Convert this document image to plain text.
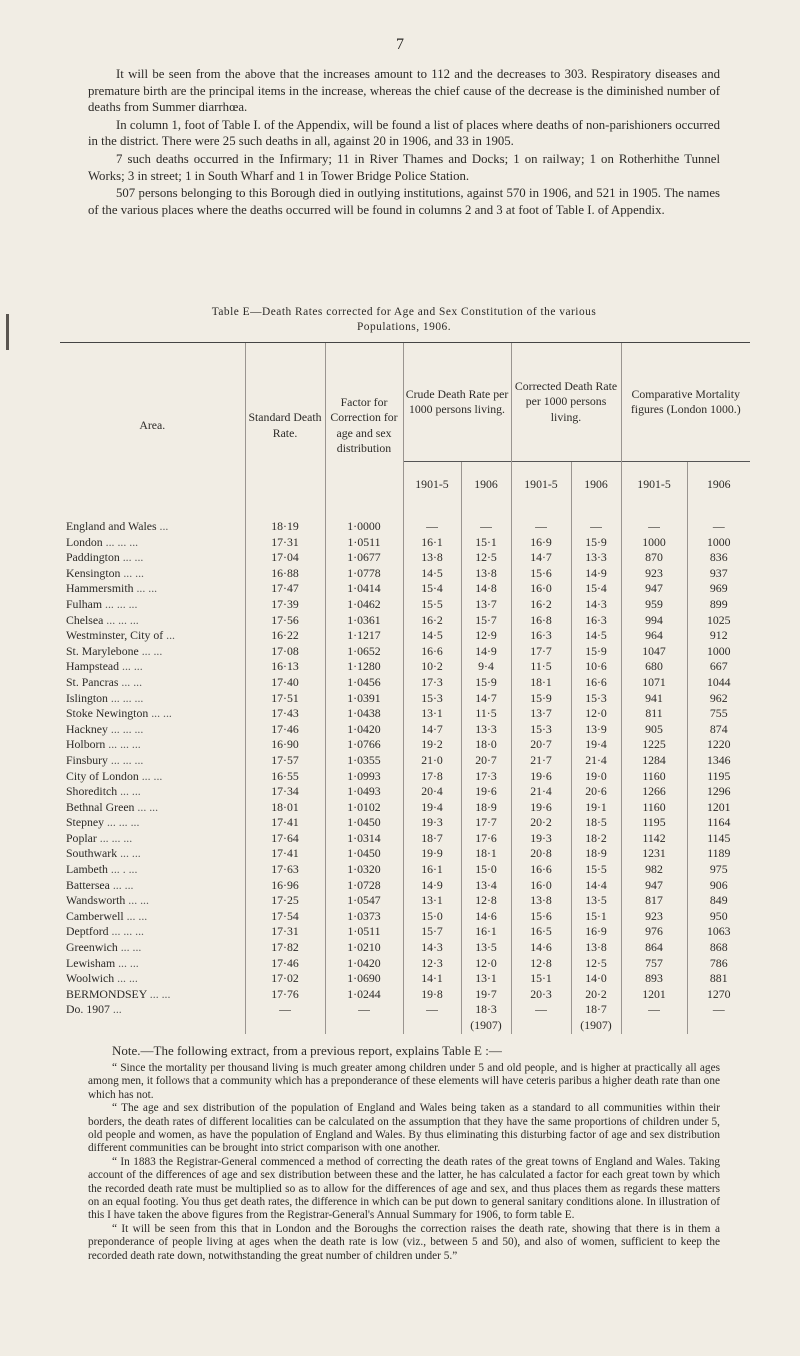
7

It will be seen from the above that the increases amount to 112 and the decreases to 303. Respiratory diseases and premature birth are the principal items in the increase, whereas the chief cause of the decrease is the diminished number of deaths from Summer diarrhœa.

In column 1, foot of Table I. of the Appendix, will be found a list of places where deaths of non-parishioners occurred in the district. There were 25 such deaths in all, against 20 in 1906, and 33 in 1905.

7 such deaths occurred in the Infirmary; 11 in River Thames and Docks; 1 on railway; 1 on Rotherhithe Tunnel Works; 3 in street; 1 in South Wharf and 1 in Tower Bridge Police Station.

507 persons belonging to this Borough died in outlying institutions, against 570 in 1906, and 521 in 1905. The names of the various places where the deaths occurred will be found in columns 2 and 3 at foot of Table I. of Appendix.

Table E—Death Rates corrected for Age and Sex Constitution of the various
Populations, 1906.
Area.	Standard Death Rate.	Factor for Correction for age and sex distribution	Crude Death Rate per 1000 persons living.		Corrected Death Rate per 1000 persons living.		Comparative Mortality figures (London 1000.)	
			1901-5	1906	1901-5	1906	1901-5	1906
England and Wales ...	18·19	1·0000	—	—	—	—	—	—
London ... ... ...	17·31	1·0511	16·1	15·1	16·9	15·9	1000	1000
Paddington ... ...	17·04	1·0677	13·8	12·5	14·7	13·3	870	836
Kensington ... ...	16·88	1·0778	14·5	13·8	15·6	14·9	923	937
Hammersmith ... ...	17·47	1·0414	15·4	14·8	16·0	15·4	947	969
Fulham ... ... ...	17·39	1·0462	15·5	13·7	16·2	14·3	959	899
Chelsea ... ... ...	17·56	1·0361	16·2	15·7	16·8	16·3	994	1025
Westminster, City of ...	16·22	1·1217	14·5	12·9	16·3	14·5	964	912
St. Marylebone ... ...	17·08	1·0652	16·6	14·9	17·7	15·9	1047	1000
Hampstead ... ...	16·13	1·1280	10·2	9·4	11·5	10·6	680	667
St. Pancras ... ...	17·40	1·0456	17·3	15·9	18·1	16·6	1071	1044
Islington ... ... ...	17·51	1·0391	15·3	14·7	15·9	15·3	941	962
Stoke Newington ... ...	17·43	1·0438	13·1	11·5	13·7	12·0	811	755
Hackney ... ... ...	17·46	1·0420	14·7	13·3	15·3	13·9	905	874
Holborn ... ... ...	16·90	1·0766	19·2	18·0	20·7	19·4	1225	1220
Finsbury ... ... ...	17·57	1·0355	21·0	20·7	21·7	21·4	1284	1346
City of London ... ...	16·55	1·0993	17·8	17·3	19·6	19·0	1160	1195
Shoreditch ... ...	17·34	1·0493	20·4	19·6	21·4	20·6	1266	1296
Bethnal Green ... ...	18·01	1·0102	19·4	18·9	19·6	19·1	1160	1201
Stepney ... ... ...	17·41	1·0450	19·3	17·7	20·2	18·5	1195	1164
Poplar ... ... ...	17·64	1·0314	18·7	17·6	19·3	18·2	1142	1145
Southwark ... ...	17·41	1·0450	19·9	18·1	20·8	18·9	1231	1189
Lambeth ... . ...	17·63	1·0320	16·1	15·0	16·6	15·5	982	975
Battersea ... ...	16·96	1·0728	14·9	13·4	16·0	14·4	947	906
Wandsworth ... ...	17·25	1·0547	13·1	12·8	13·8	13·5	817	849
Camberwell ... ...	17·54	1·0373	15·0	14·6	15·6	15·1	923	950
Deptford ... ... ...	17·31	1·0511	15·7	16·1	16·5	16·9	976	1063
Greenwich ... ...	17·82	1·0210	14·3	13·5	14·6	13·8	864	868
Lewisham ... ...	17·46	1·0420	12·3	12·0	12·8	12·5	757	786
Woolwich ... ...	17·02	1·0690	14·1	13·1	15·1	14·0	893	881
BERMONDSEY ... ...	17·76	1·0244	19·8	19·7	20·3	20·2	1201	1270
Do. 1907 ...	—	—	—	18·3	—	18·7	—	—
				(1907)		(1907)		

Note.—The following extract, from a previous report, explains Table E :—

“ Since the mortality per thousand living is much greater among children under 5 and old people, and is higher at practically all ages among men, it follows that a community which has a preponderance of these elements will have ceteris paribus a higher death rate than one which has not.

“ The age and sex distribution of the population of England and Wales being taken as a standard to all communities within their borders, the death rates of different localities can be calculated on the assumption that they have the same proportions of children under 5, old people and women, as have the population of England and Wales. By thus eliminating this disturbing factor of age and sex distribution different communities can be brought into strict comparison with one another.

“ In 1883 the Registrar-General commenced a method of correcting the death rates of the great towns of England and Wales. Taking account of the differences of age and sex distribution between these and the latter, he has calculated a factor for each great town by which the recorded death rate must be multiplied so as to allow for the differences of age and sex, and thus places them as regards these matters on an equal footing. You thus get death rates, the difference in which can be put down to general sanitary conditions alone. In illustration of this I have taken the above figures from the Registrar-General's Annual Summary for 1906, to form table E.

“ It will be seen from this that in London and the Boroughs the correction raises the death rate, showing that there is in them a preponderance of people living at ages when the death rate is low (viz., between 5 and 50), and also of women, sufficient to keep the recorded death rate down, notwithstanding the great number of children under 5.”
